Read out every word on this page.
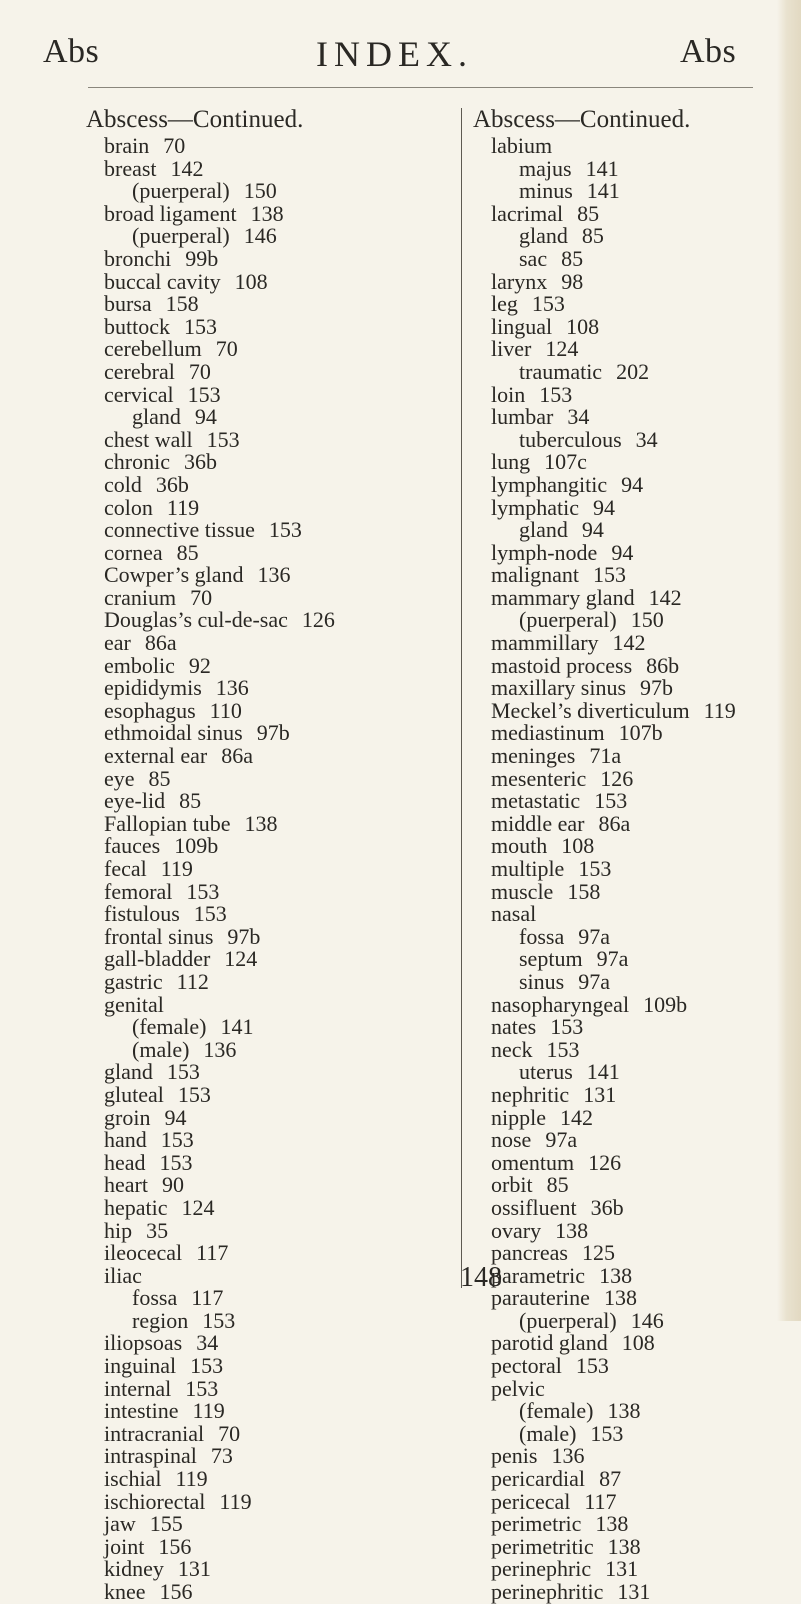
Abs	INDEX.	Abs
Abscess—Continued.
brain 70
breast 142
(puerperal) 150
broad ligament 138
(puerperal) 146
bronchi 99b
buccal cavity 108
bursa 158
buttock 153
cerebellum 70
cerebral 70
cervical 153
gland 94
chest wall 153
chronic 36b
cold 36b
colon 119
connective tissue 153
cornea 85
Cowper’s gland 136
cranium 70
Douglas’s cul-de-sac 126
ear 86a
embolic 92
epididymis 136
esophagus 110
ethmoidal sinus 97b
external ear 86a
eye 85
eye-lid 85
Fallopian tube 138
fauces 109b
fecal 119
femoral 153
fistulous 153
frontal sinus 97b
gall-bladder 124
gastric 112
genital
(female) 141
(male) 136
gland 153
gluteal 153
groin 94
hand 153
head 153
heart 90
hepatic 124
hip 35
ileocecal 117
iliac
fossa 117
region 153
iliopsoas 34
inguinal 153
internal 153
intestine 119
intracranial 70
intraspinal 73
ischial 119
ischiorectal 119
jaw 155
joint 156
kidney 131
knee 156
Abscess—Continued.
labium
majus 141
minus 141
lacrimal 85
gland 85
sac 85
larynx 98
leg 153
lingual 108
liver 124
traumatic 202
loin 153
lumbar 34
tuberculous 34
lung 107c
lymphangitic 94
lymphatic 94
gland 94
lymph-node 94
malignant 153
mammary gland 142
(puerperal) 150
mammillary 142
mastoid process 86b
maxillary sinus 97b
Meckel’s diverticulum 119
mediastinum 107b
meninges 71a
mesenteric 126
metastatic 153
middle ear 86a
mouth 108
multiple 153
muscle 158
nasal
fossa 97a
septum 97a
sinus 97a
nasopharyngeal 109b
nates 153
neck 153
uterus 141
nephritic 131
nipple 142
nose 97a
omentum 126
orbit 85
ossifluent 36b
ovary 138
pancreas 125
parametric 138
parauterine 138
(puerperal) 146
parotid gland 108
pectoral 153
pelvic
(female) 138
(male) 153
penis 136
pericardial 87
pericecal 117
perimetric 138
perimetritic 138
perinephric 131
perinephritic 131
148
